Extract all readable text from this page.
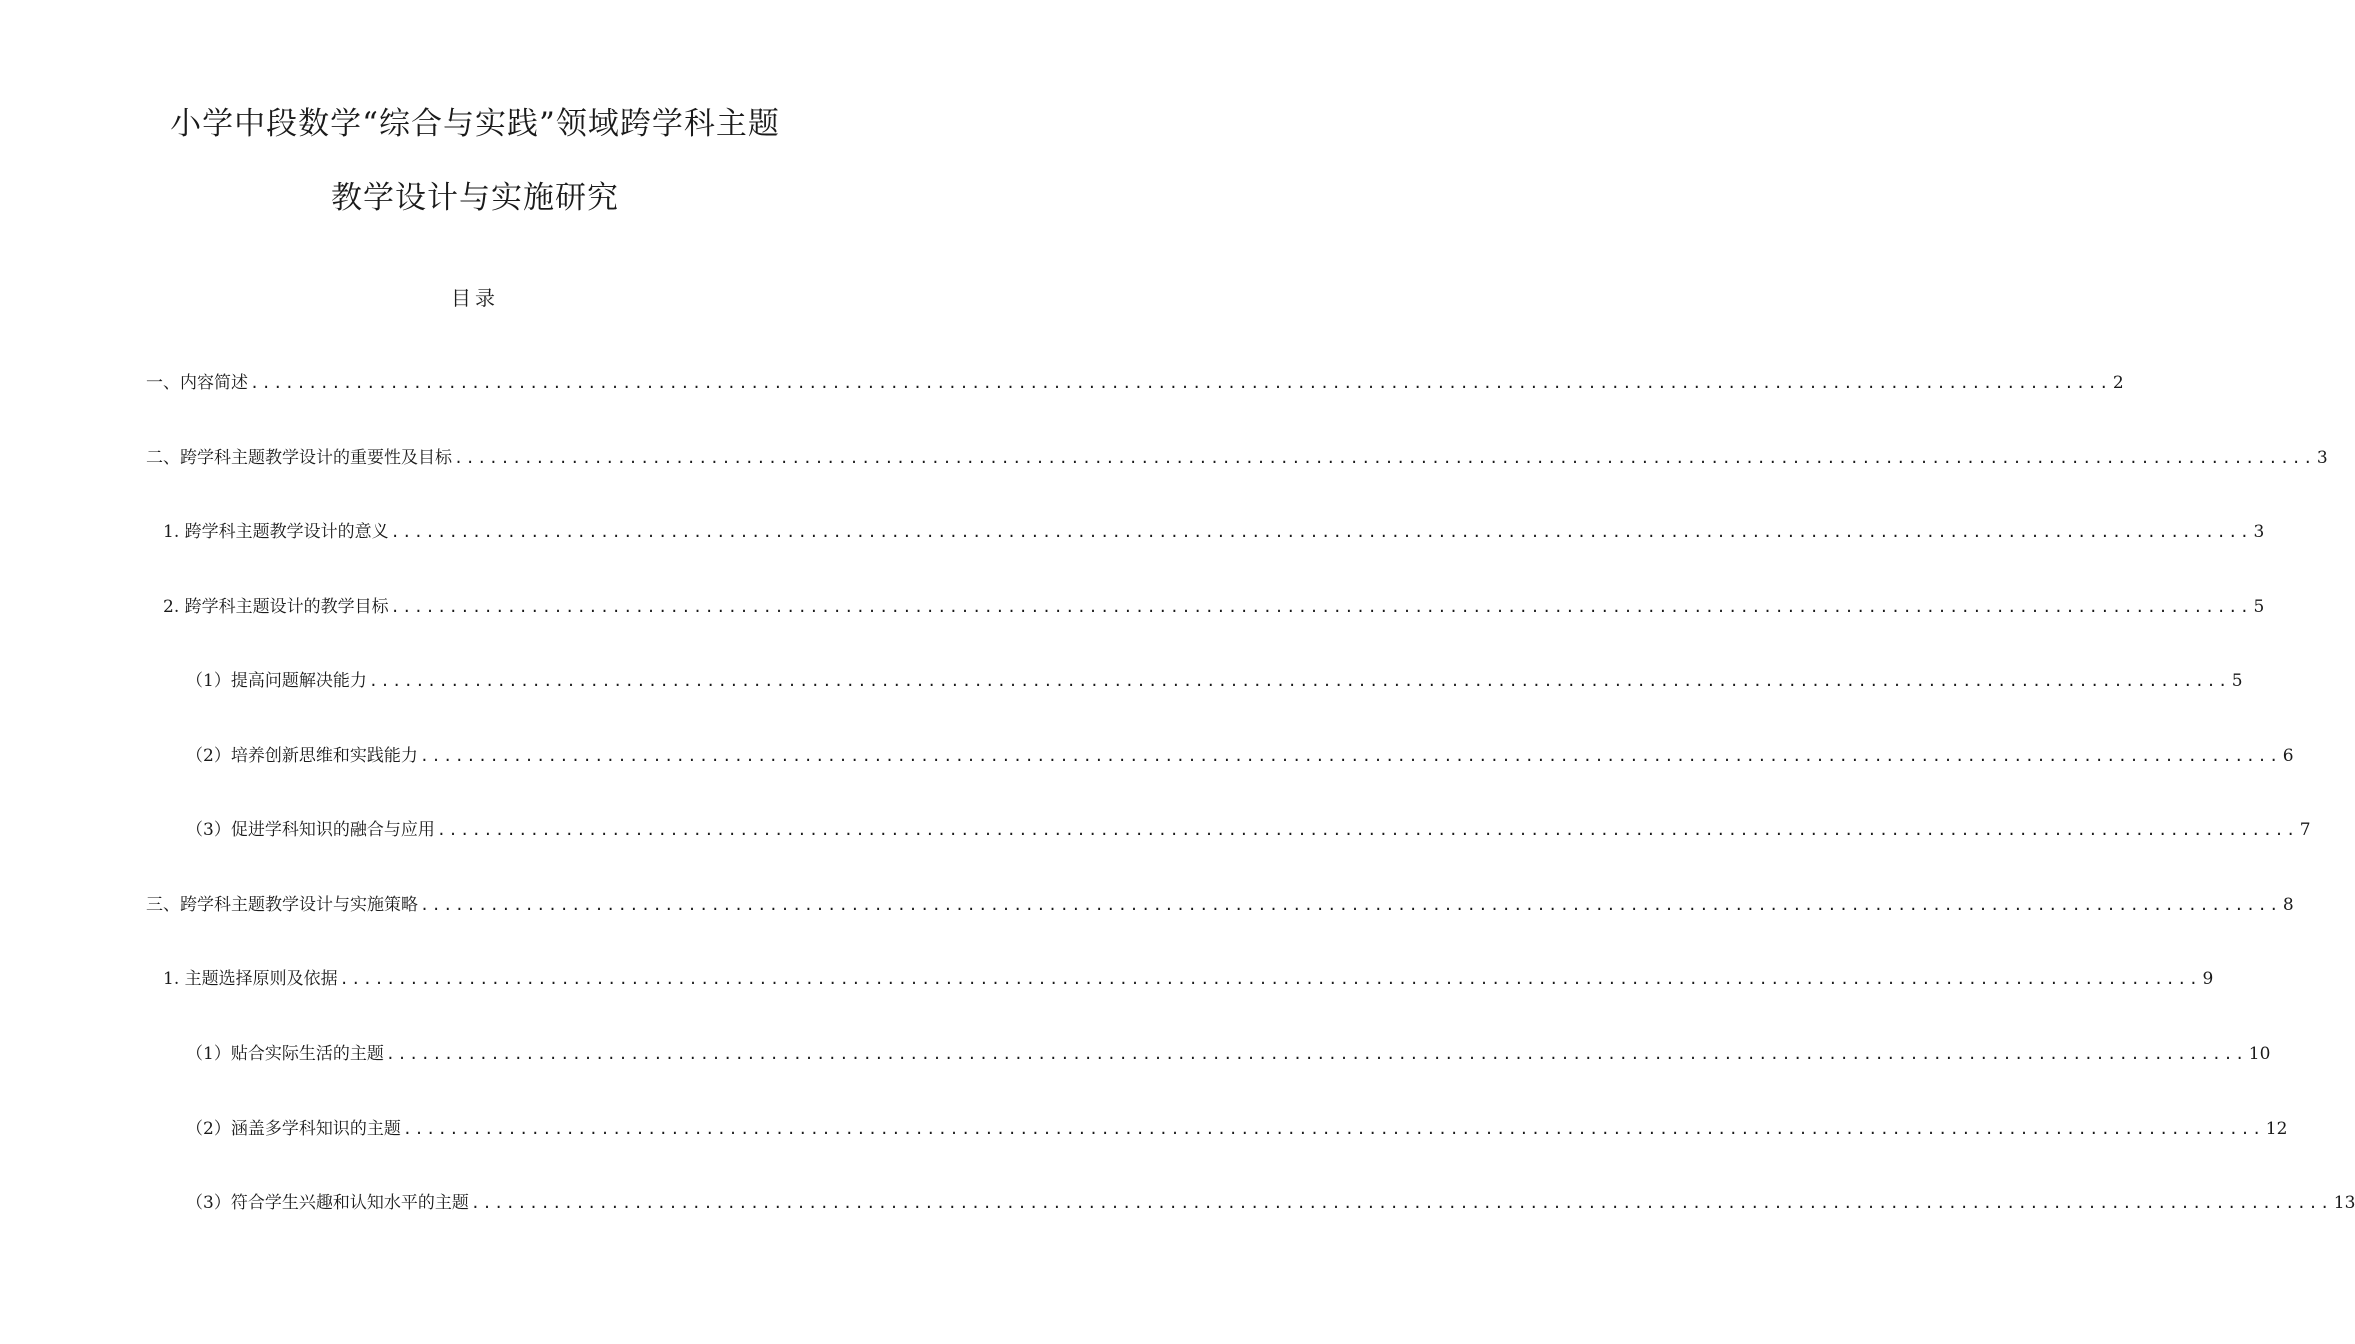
小学中段数学“综合与实践”领域跨学科主题
教学设计与实施研究
目录
一、内容简述 ................................................................................................................................................................ 2
二、跨学科主题教学设计的重要性及目标 ................................................................................................................................................................ 3
1. 跨学科主题教学设计的意义 ................................................................................................................................................................ 3
2. 跨学科主题设计的教学目标 ................................................................................................................................................................ 5
（1）提高问题解决能力 ................................................................................................................................................................ 5
（2）培养创新思维和实践能力 ................................................................................................................................................................ 6
（3）促进学科知识的融合与应用 ................................................................................................................................................................ 7
三、跨学科主题教学设计与实施策略 ................................................................................................................................................................ 8
1. 主题选择原则及依据 ................................................................................................................................................................ 9
（1）贴合实际生活的主题 ................................................................................................................................................................ 10
（2）涵盖多学科知识的主题 ................................................................................................................................................................ 12
（3）符合学生兴趣和认知水平的主题 ................................................................................................................................................................ 13
